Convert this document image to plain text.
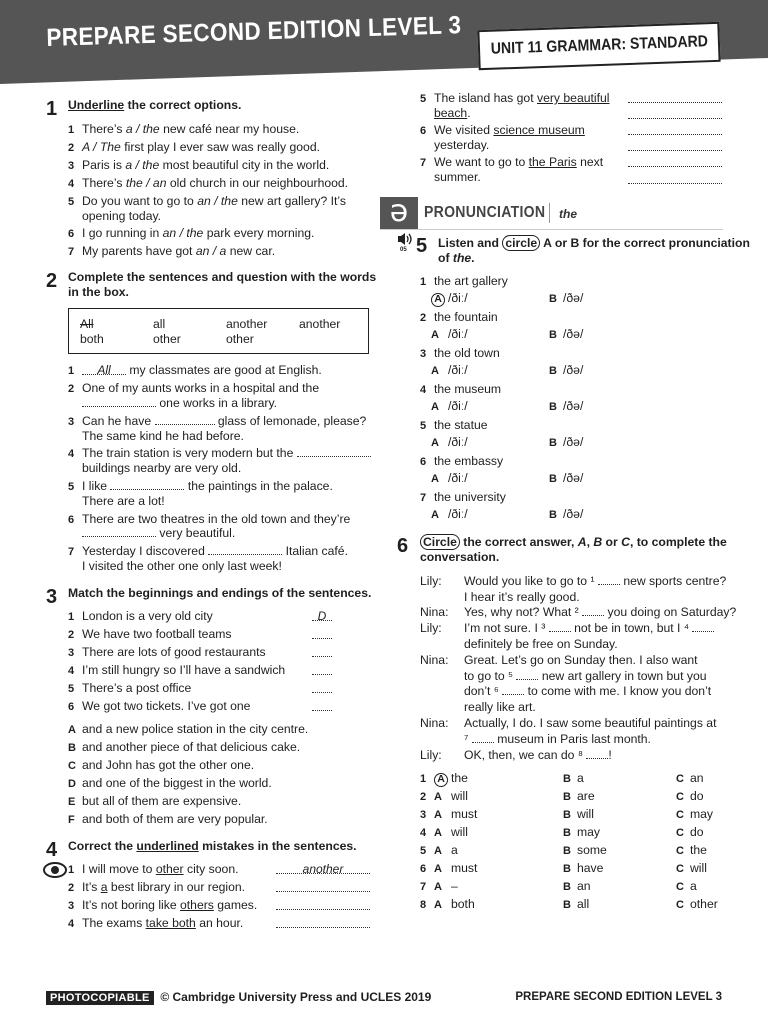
PREPARE SECOND EDITION LEVEL 3 UNIT 11 GRAMMAR: STANDARD
1 Underline the correct options.
1 There’s a / the new café near my house.
2 A / The first play I ever saw was really good.
3 Paris is a / the most beautiful city in the world.
4 There’s the / an old church in our neighbourhood.
5 Do you want to go to an / the new art gallery? It’s
opening today.
6 I go running in an / the park every morning.
7 My parents have got an / a new car.
2 Complete the sentences and question with the words
in the box.
All	all	another	another
both	other	other
1 All my classmates are good at English.
2 One of my aunts works in a hospital and the
one works in a library.
3 Can he have	glass of lemonade, please?
The same kind he had before.
4 The train station is very modern but the
buildings nearby are very old.
5 I like	the paintings in the palace.
There are a lot!
6 There are two theatres in the old town and they’re
very beautiful.
7 Yesterday I discovered	Italian café.
I visited the other one only last week!
3 Match the beginnings and endings of the sentences.
1 London is a very old city	D
2 We have two football teams
3 There are lots of good restaurants
4 I’m still hungry so I’ll have a sandwich
5 There’s a post office
6 We got two tickets. I’ve got one
A and a new police station in the city centre.
B and another piece of that delicious cake.
C and John has got the other one.
D and one of the biggest in the world.
E but all of them are expensive.
F and both of them are very popular.
4 Correct the underlined mistakes in the sentences.
1 I will move to other city soon.	another
2 It’s a best library in our region.
3 It’s not boring like others games.
4 The exams take both an hour.
5 The island has got very beautiful
beach.
6 We visited science museum
yesterday.
7 We want to go to the Paris next
summer.
ə PRONUNCIATION the
05 5 Listen and circle A or B for the correct pronunciation
of the.
1 the art gallery
A /ðiː/	B /ðə/
2 the fountain
A /ðiː/	B /ðə/
3 the old town
A /ðiː/	B /ðə/
4 the museum
A /ðiː/	B /ðə/
5 the statue
A /ðiː/	B /ðə/
6 the embassy
A /ðiː/	B /ðə/
7 the university
A /ðiː/	B /ðə/
6 Circle the correct answer, A, B or C, to complete the
conversation.
Lily: Would you like to go to ¹  new sports centre?
I hear it’s really good.
Nina: Yes, why not? What ²  you doing on Saturday?
Lily: I’m not sure. I ³  not be in town, but I ⁴
definitely be free on Sunday.
Nina: Great. Let’s go on Sunday then. I also want
to go to ⁵  new art gallery in town but you
don’t ⁶  to come with me. I know you don’t
really like art.
Nina: Actually, I do. I saw some beautiful paintings at
⁷  museum in Paris last month.
Lily: OK, then, we can do ⁸ !
1	A the	B a	C an
2 A will	B are	C do
3 A must	B will	C may
4 A will	B may	C do
5 A a	B some	C the
6 A must	B have	C will
7 A –	B an	C a
8 A both	B all	C other
PHOTOCOPIABLE © Cambridge University Press and UCLES 2019	PREPARE SECOND EDITION LEVEL 3
